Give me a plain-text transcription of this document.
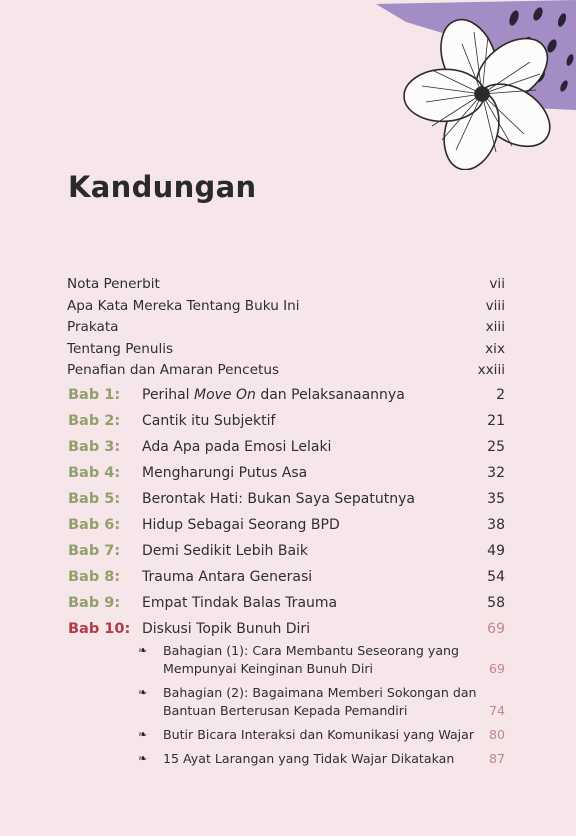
Kandungan
Nota Penerbit	vii
Apa Kata Mereka Tentang Buku Ini	viii
Prakata	xiii
Tentang Penulis	xix
Penafian dan Amaran Pencetus	xxiii
Bab 1:	Perihal Move On dan Pelaksanaannya	2
Bab 2:	Cantik itu Subjektif	21
Bab 3:	Ada Apa pada Emosi Lelaki	25
Bab 4:	Mengharungi Putus Asa	32
Bab 5:	Berontak Hati: Bukan Saya Sepatutnya	35
Bab 6:	Hidup Sebagai Seorang BPD	38
Bab 7:	Demi Sedikit Lebih Baik	49
Bab 8:	Trauma Antara Generasi	54
Bab 9:	Empat Tindak Balas Trauma	58
Bab 10: Diskusi Topik Bunuh Diri	69
❧	Bahagian (1): Cara Membantu Seseorang yang
Mempunyai Keinginan Bunuh Diri	69
❧	Bahagian (2): Bagaimana Memberi Sokongan dan
Bantuan Berterusan Kepada Pemandiri	74
❧	Butir Bicara Interaksi dan Komunikasi yang Wajar	80
❧	15 Ayat Larangan yang Tidak Wajar Dikatakan	87
